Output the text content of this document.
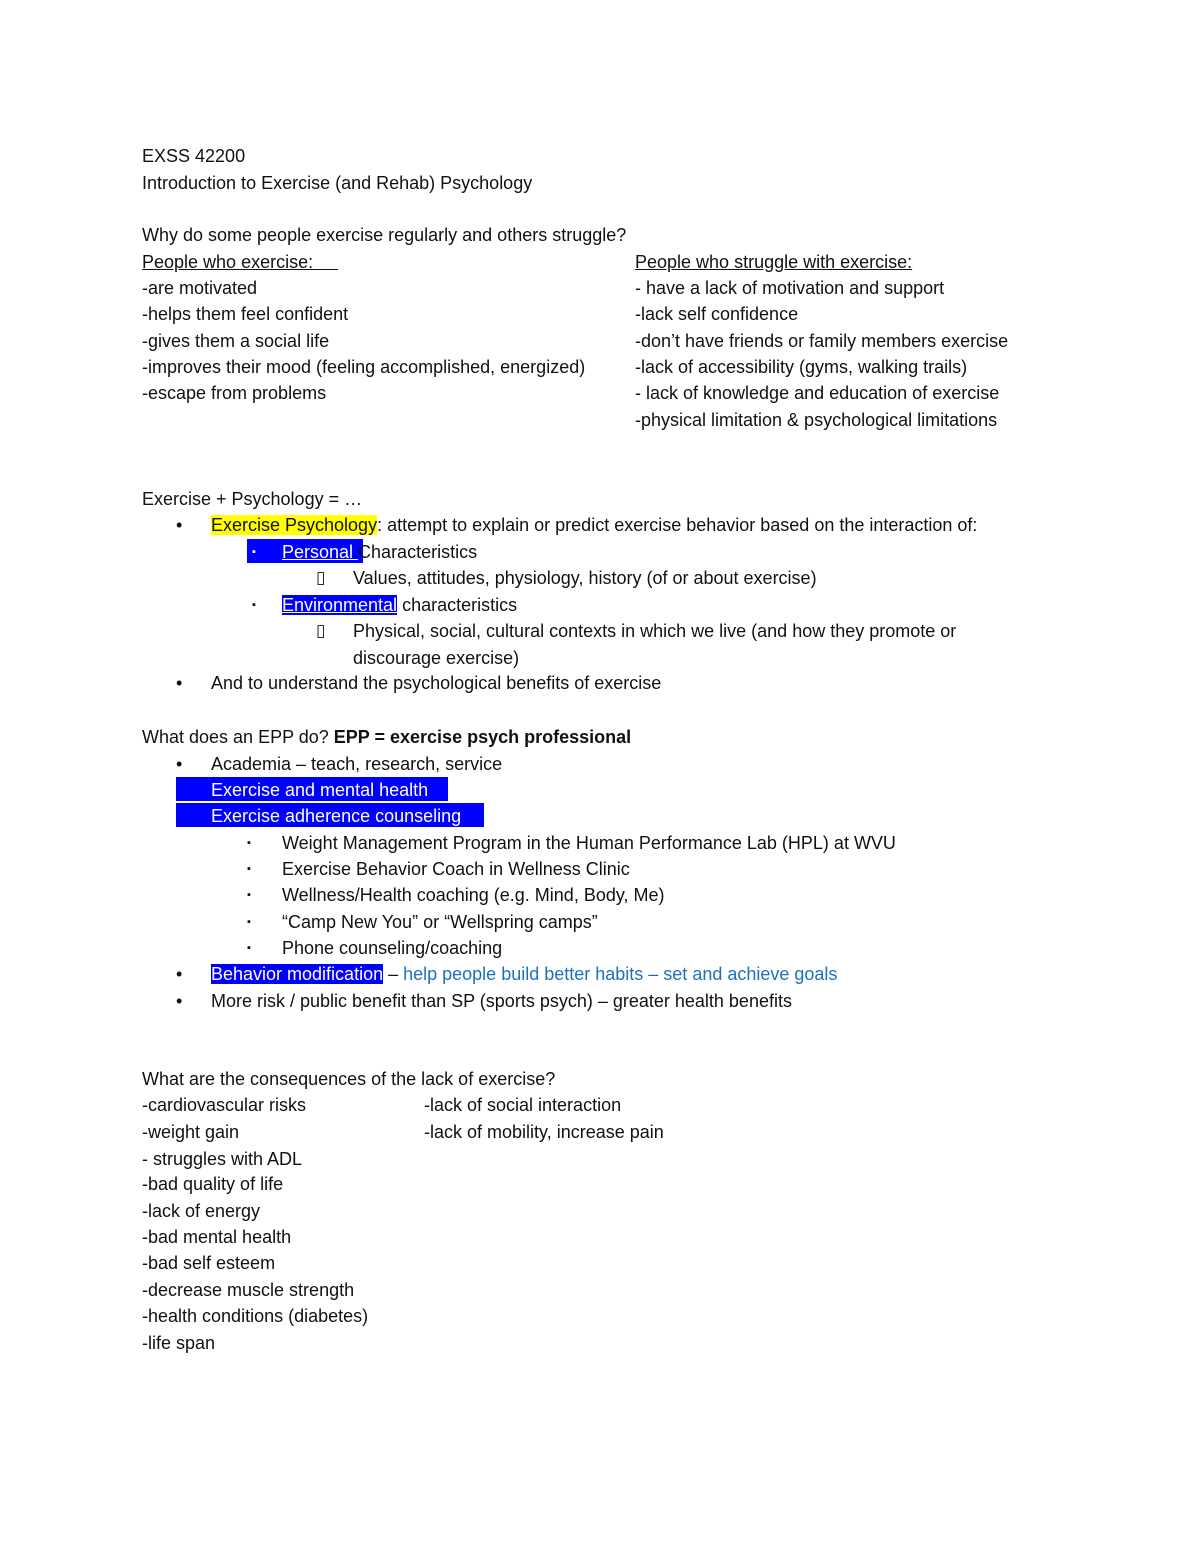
EXSS 42200
Introduction to Exercise (and Rehab) Psychology
Why do some people exercise regularly and others struggle?
People who exercise:
-are motivated
-helps them feel confident
-gives them a social life
-improves their mood (feeling accomplished, energized)
-escape from problems
People who struggle with exercise:
- have a lack of motivation and support
-lack self confidence
-don’t have friends or family members exercise
-lack of accessibility (gyms, walking trails)
- lack of knowledge and education of exercise
-physical limitation & psychological limitations
Exercise + Psychology = …
• Exercise Psychology: attempt to explain or predict exercise behavior based on the interaction of:
▪ Personal Characteristics
▯ Values, attitudes, physiology, history (of or about exercise)
▪ Environmental characteristics
▯ Physical, social, cultural contexts in which we live (and how they promote or
discourage exercise)
• And to understand the psychological benefits of exercise
What does an EPP do? EPP = exercise psych professional
• Academia – teach, research, service
• Exercise and mental health
• Exercise adherence counseling
▪ Weight Management Program in the Human Performance Lab (HPL) at WVU
▪ Exercise Behavior Coach in Wellness Clinic
▪ Wellness/Health coaching (e.g. Mind, Body, Me)
▪ “Camp New You” or “Wellspring camps”
▪ Phone counseling/coaching
• Behavior modification – help people build better habits – set and achieve goals
• More risk / public benefit than SP (sports psych) – greater health benefits
What are the consequences of the lack of exercise?
-cardiovascular risks
-weight gain
- struggles with ADL
-bad quality of life
-lack of energy
-bad mental health
-bad self esteem
-decrease muscle strength
-health conditions (diabetes)
-life span
-lack of social interaction
-lack of mobility, increase pain
